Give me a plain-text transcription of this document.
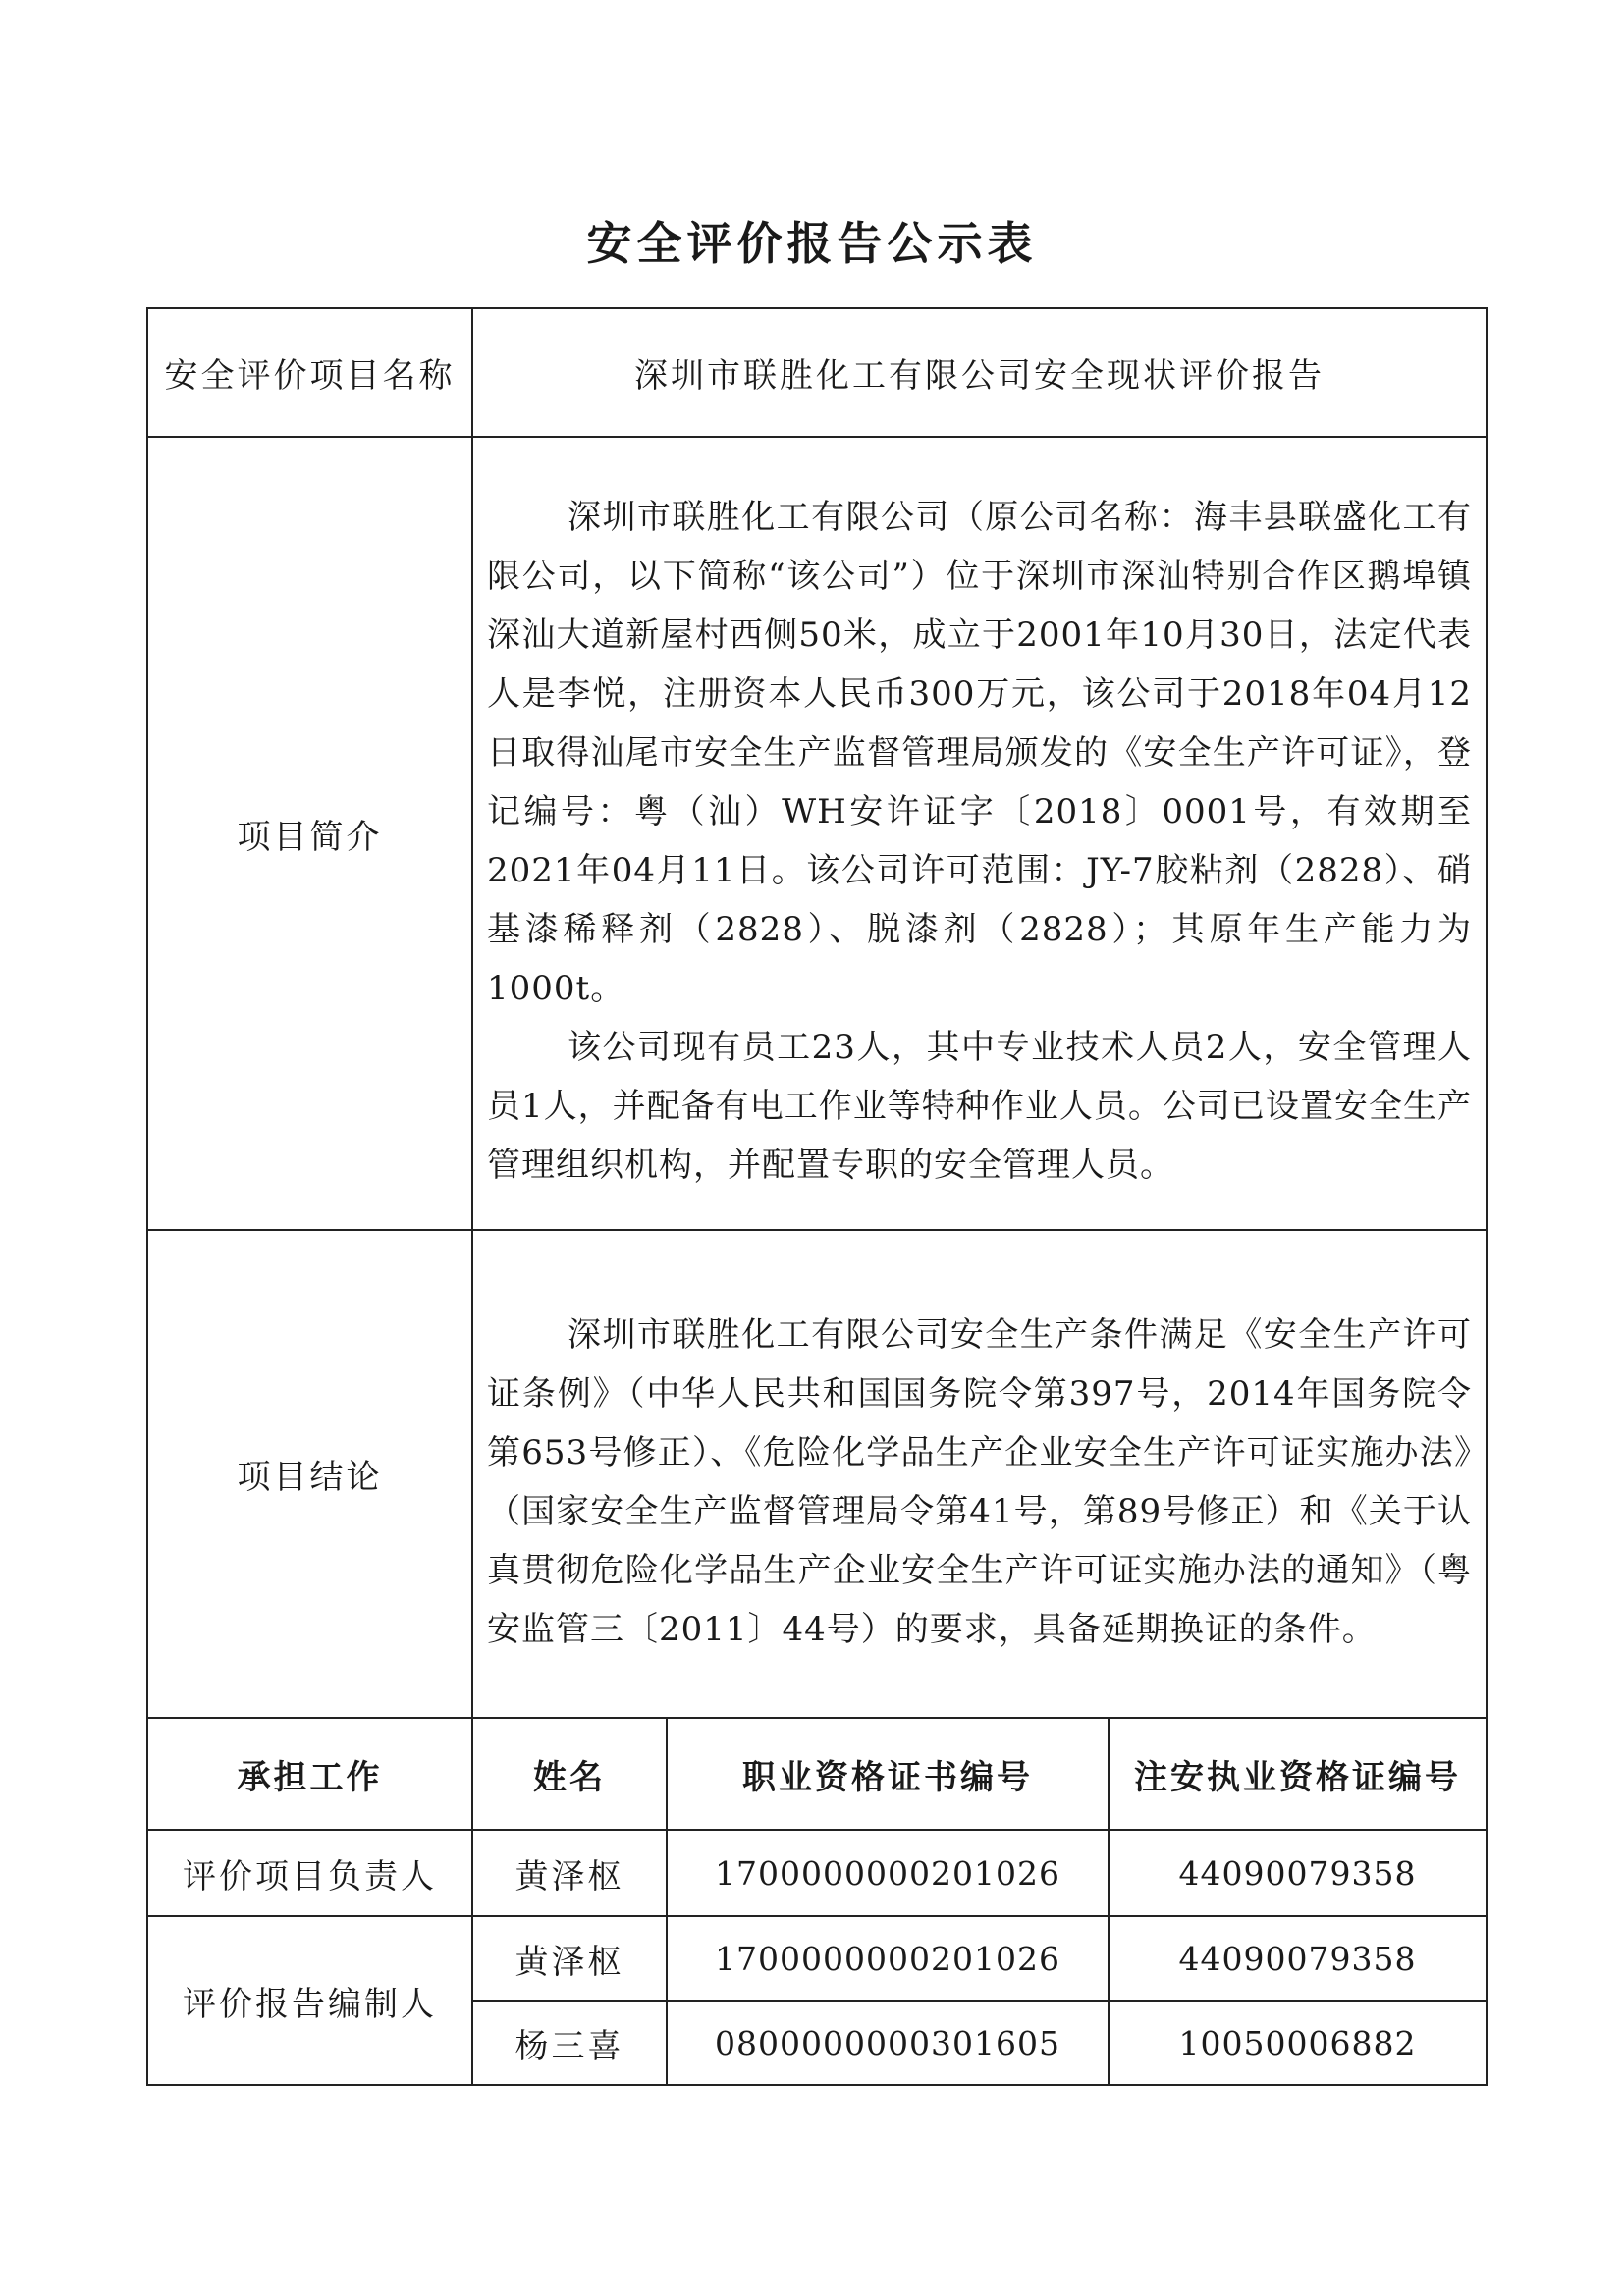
安全评价报告公示表
安全评价项目名称	深圳市联胜化工有限公司安全现状评价报告		
项目简介	深圳市联胜化工有限公司（原公司名称：海丰县联盛化工有限公司，以下简称“该公司”）位于深圳市深汕特别合作区鹅埠镇深汕大道新屋村西侧50米，成立于2001年10月30日，法定代表人是李悦，注册资本人民币300万元，该公司于2018年04月12日取得汕尾市安全生产监督管理局颁发的《安全生产许可证》，登记编号：粤（汕）WH安许证字〔2018〕0001号，有效期至2021年04月11日。该公司许可范围：JY-7胶粘剂（2828）、硝基漆稀释剂（2828）、脱漆剂（2828）；其原年生产能力为1000t。

该公司现有员工23人，其中专业技术人员2人，安全管理人员1人，并配备有电工作业等特种作业人员。公司已设置安全生产管理组织机构，并配置专职的安全管理人员。		

项目结论	深圳市联胜化工有限公司安全生产条件满足《安全生产许可证条例》（中华人民共和国国务院令第397号，2014年国务院令第653号修正）、《危险化学品生产企业安全生产许可证实施办法》（国家安全生产监督管理局令第41号，第89号修正）和《关于认真贯彻危险化学品生产企业安全生产许可证实施办法的通知》（粤安监管三〔2011〕44号）的要求，具备延期换证的条件。		

承担工作	姓名	职业资格证书编号	注安执业资格证编号
评价项目负责人	黄泽枢	1700000000201026	44090079358
评价报告编制人	黄泽枢	1700000000201026	44090079358
	杨三喜	0800000000301605	10050006882
